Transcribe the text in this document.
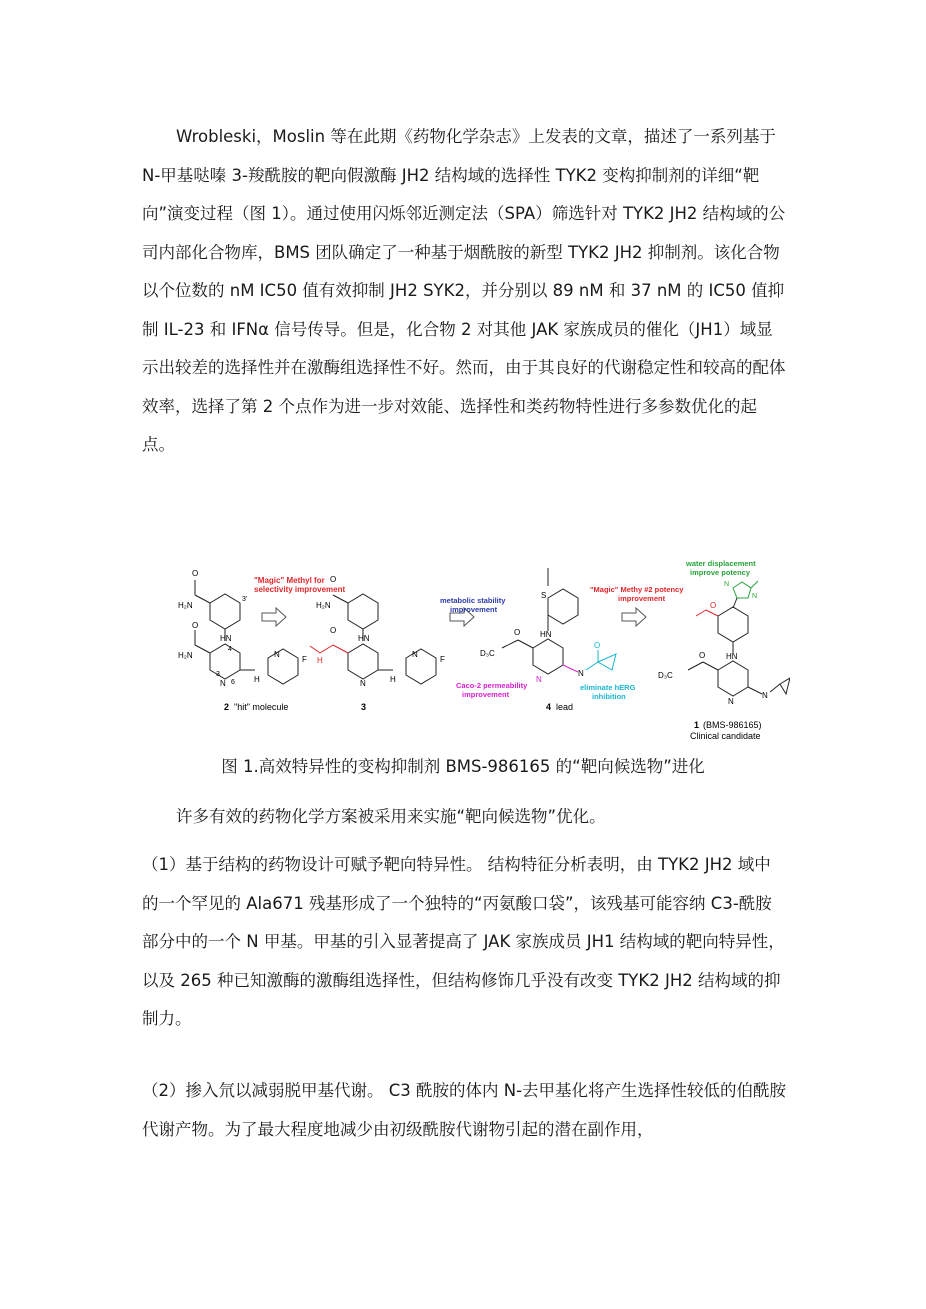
Wrobleski，Moslin 等在此期《药物化学杂志》上发表的文章，描述了一系列基于 N-甲基哒嗪 3-羧酰胺的靶向假激酶 JH2 结构域的选择性 TYK2 变构抑制剂的详细“靶向”演变过程（图 1）。通过使用闪烁邻近测定法（SPA）筛选针对 TYK2 JH2 结构域的公司内部化合物库，BMS 团队确定了一种基于烟酰胺的新型 TYK2 JH2 抑制剂。该化合物以个位数的 nM IC50 值有效抑制 JH2 SYK2，并分别以 89 nM 和 37 nM 的 IC50 值抑制 IL-23 和 IFNα 信号传导。但是，化合物 2 对其他 JAK 家族成员的催化（JH1）域显示出较差的选择性并在激酶组选择性不好。然而，由于其良好的代谢稳定性和较高的配体效率，选择了第 2 个点作为进一步对效能、选择性和类药物特性进行多参数优化的起点。

H₂N
O
3'
HN
4
H₂N
O
3
N 6 H
N
F
2 "hit" molecule
"Magic" Methyl for
selectivity improvement
H₂N
O
HN
O
H
N	H
N
F
3
S
HN
D₃C
O
N
N
O
4 lead
metabolic stability
improvement
Caco-2 permeability
improvement
eliminate hERG
inhibition
"Magic" Methy #2 potency
improvement
water displacement
improve potency
N
N
O
HN
D₃C
O
N
N
1 (BMS-986165)
Clinical candidate
图 1.高效特异性的变构抑制剂 BMS-986165 的“靶向候选物”进化

许多有效的药物化学方案被采用来实施“靶向候选物”优化。

（1）基于结构的药物设计可赋予靶向特异性。 结构特征分析表明，由 TYK2 JH2 域中的一个罕见的 Ala671 残基形成了一个独特的“丙氨酸口袋”，该残基可能容纳 C3-酰胺部分中的一个 N 甲基。甲基的引入显著提高了 JAK 家族成员 JH1 结构域的靶向特异性，以及 265 种已知激酶的激酶组选择性，但结构修饰几乎没有改变 TYK2 JH2 结构域的抑制力。

（2）掺入氘以减弱脱甲基代谢。 C3 酰胺的体内 N-去甲基化将产生选择性较低的伯酰胺代谢产物。为了最大程度地减少由初级酰胺代谢物引起的潜在副作用，
